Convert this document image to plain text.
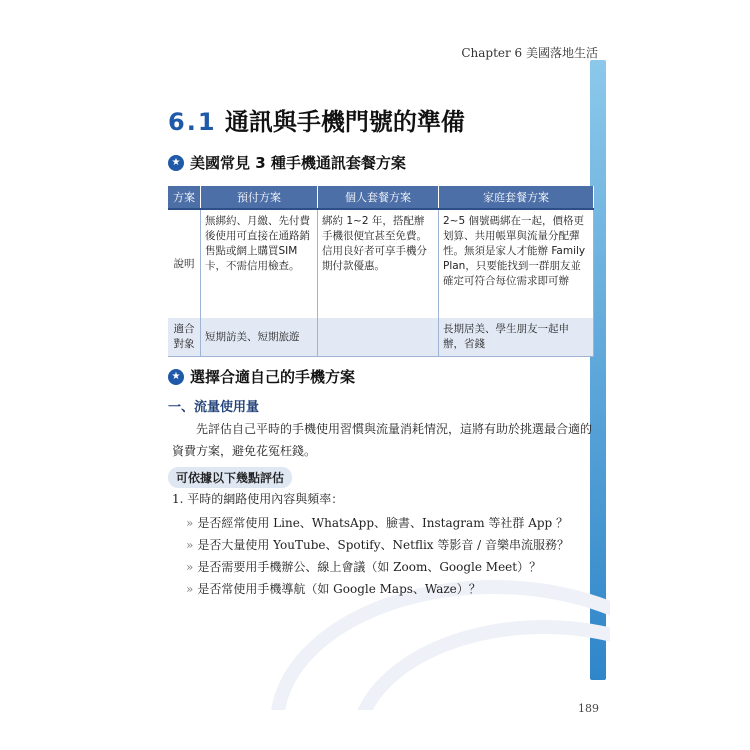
Chapter 6 美國落地生活
6.1 通訊與手機門號的準備
★ 美國常見 3 種手機通訊套餐方案
方案	預付方案	個人套餐方案	家庭套餐方案
說明	無綁約、月繳、先付費後使用可直接在通路銷售點或網上購買SIM 卡，不需信用檢查。	綁約 1~2 年，搭配辦手機很便宜甚至免費。信用良好者可享手機分期付款優惠。	2~5 個號碼綁在一起，價格更划算、共用帳單與流量分配彈性。無須是家人才能辦 Family Plan，只要能找到一群朋友並確定可符合每位需求即可辦
適合對象	短期訪美、短期旅遊		長期居美、學生朋友一起申辦，省錢
★ 選擇合適自己的手機方案
一、流量使用量
先評估自己平時的手機使用習慣與流量消耗情況，這將有助於挑選最合適的資費方案，避免花冤枉錢。
可依據以下幾點評估
1. 平時的網路使用內容與頻率：
» 是否經常使用 Line、WhatsApp、臉書、Instagram 等社群 App ？
» 是否大量使用 YouTube、Spotify、Netflix 等影音 / 音樂串流服務？
» 是否需要用手機辦公、線上會議（如 Zoom、Google Meet）？
» 是否常使用手機導航（如 Google Maps、Waze）？
189
